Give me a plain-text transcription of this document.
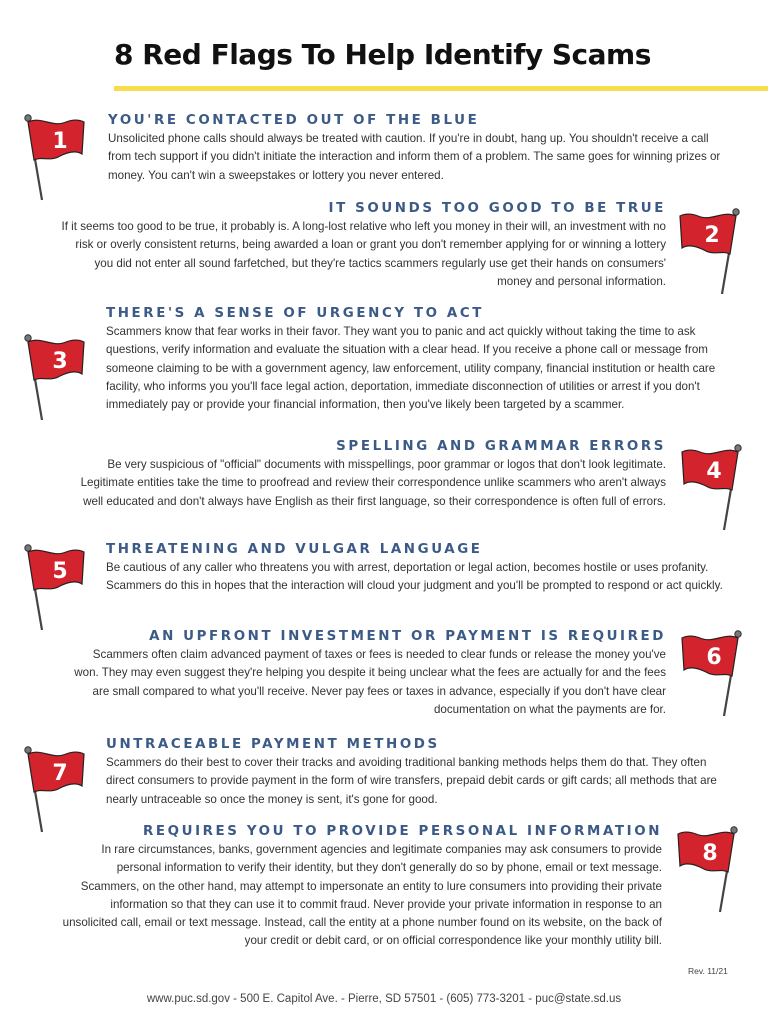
8 Red Flags To Help Identify Scams
1
YOU'RE CONTACTED OUT OF THE BLUE

Unsolicited phone calls should always be treated with caution. If you're in doubt, hang up. You shouldn't receive a call from tech support if you didn't initiate the interaction and inform them of a problem. The same goes for winning prizes or money. You can't win a sweepstakes or lottery you never entered.

2
IT SOUNDS TOO GOOD TO BE TRUE

If it seems too good to be true, it probably is. A long-lost relative who left you money in their will, an investment with no risk or overly consistent returns, being awarded a loan or grant you don't remember applying for or winning a lottery you did not enter all sound farfetched, but they're tactics scammers regularly use get their hands on consumers' money and personal information.

3
THERE'S A SENSE OF URGENCY TO ACT

Scammers know that fear works in their favor. They want you to panic and act quickly without taking the time to ask questions, verify information and evaluate the situation with a clear head. If you receive a phone call or message from someone claiming to be with a government agency, law enforcement, utility company, financial institution or health care facility, who informs you you'll face legal action, deportation, immediate disconnection of utilities or arrest if you don't immediately pay or provide your financial information, then you've likely been targeted by a scammer.

4
SPELLING AND GRAMMAR ERRORS

Be very suspicious of "official" documents with misspellings, poor grammar or logos that don't look legitimate. Legitimate entities take the time to proofread and review their correspondence unlike scammers who aren't always well educated and don't always have English as their first language, so their correspondence is often full of errors.

5
THREATENING AND VULGAR LANGUAGE

Be cautious of any caller who threatens you with arrest, deportation or legal action, becomes hostile or uses profanity. Scammers do this in hopes that the interaction will cloud your judgment and you'll be prompted to respond or act quickly.

6
AN UPFRONT INVESTMENT OR PAYMENT IS REQUIRED

Scammers often claim advanced payment of taxes or fees is needed to clear funds or release the money you've won. They may even suggest they're helping you despite it being unclear what the fees are actually for and the fees are small compared to what you'll receive. Never pay fees or taxes in advance, especially if you don't have clear documentation on what the payments are for.

7
UNTRACEABLE PAYMENT METHODS

Scammers do their best to cover their tracks and avoiding traditional banking methods helps them do that. They often direct consumers to provide payment in the form of wire transfers, prepaid debit cards or gift cards; all methods that are nearly untraceable so once the money is sent, it's gone for good.

8
REQUIRES YOU TO PROVIDE PERSONAL INFORMATION

In rare circumstances, banks, government agencies and legitimate companies may ask consumers to provide personal information to verify their identity, but they don't generally do so by phone, email or text message. Scammers, on the other hand, may attempt to impersonate an entity to lure consumers into providing their private information so that they can use it to commit fraud. Never provide your private information in response to an unsolicited call, email or text message. Instead, call the entity at a phone number found on its website, on the back of your credit or debit card, or on official correspondence like your monthly utility bill.

Rev. 11/21
www.puc.sd.gov - 500 E. Capitol Ave. - Pierre, SD 57501 - (605) 773-3201 - puc@state.sd.us
